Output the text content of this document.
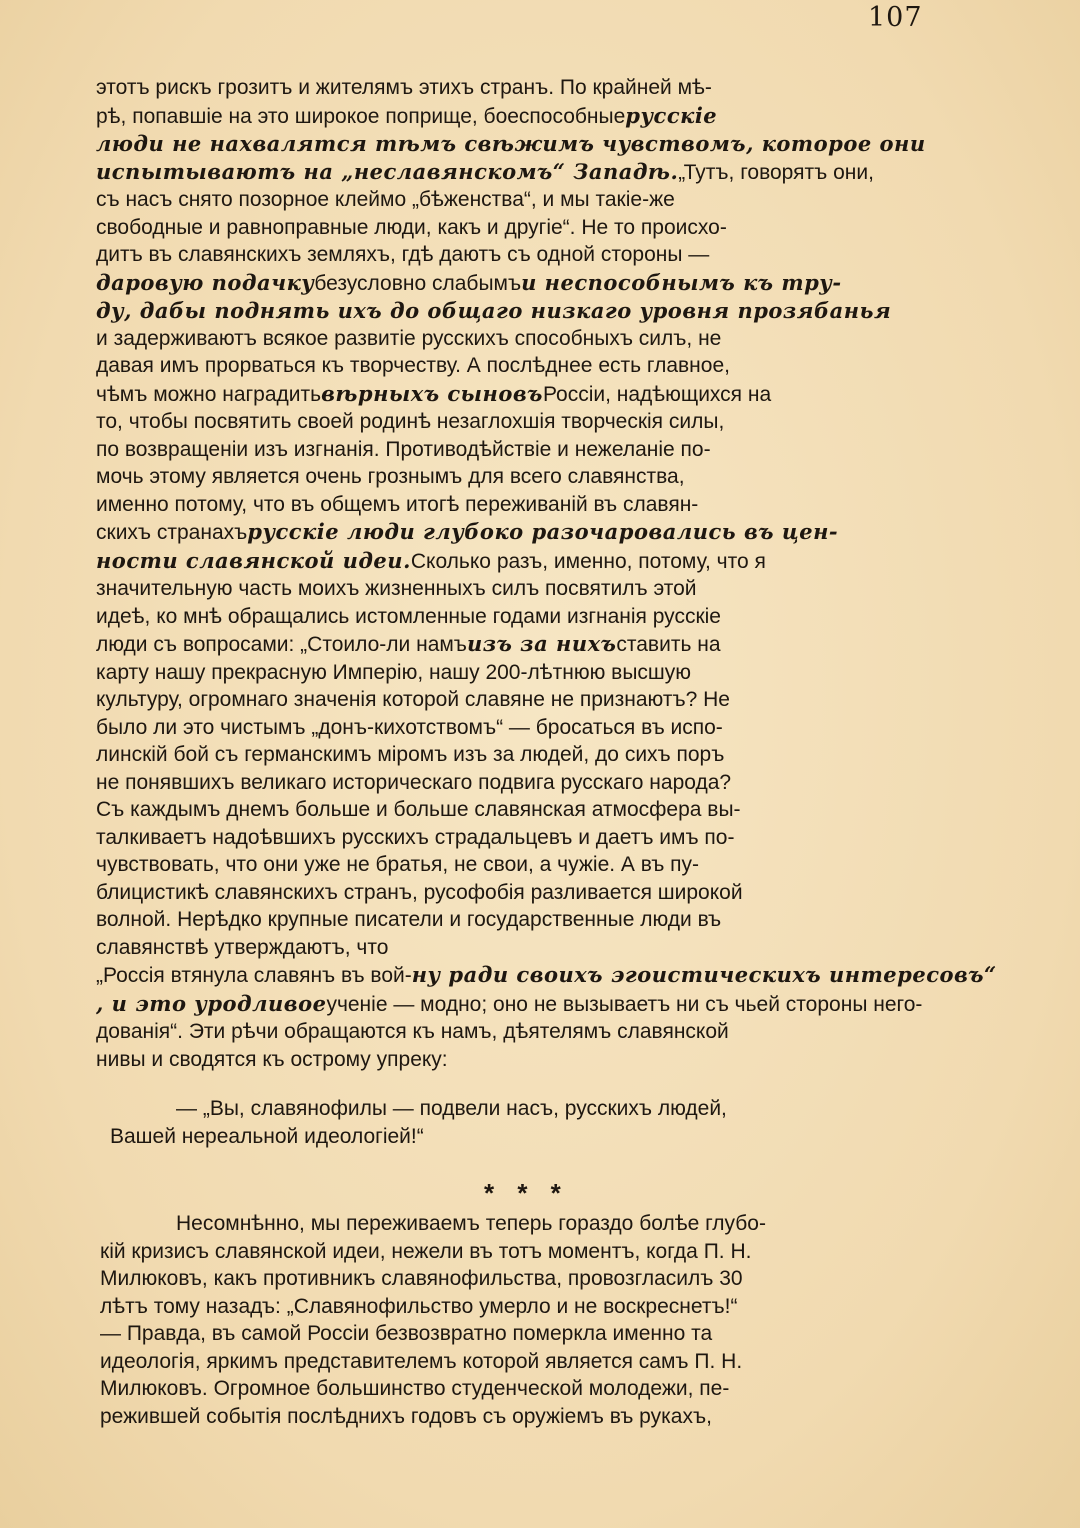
107
этотъ рискъ грозитъ и жителямъ этихъ странъ. По крайней мѣ-
рѣ, попавшіе на это широкое поприще, боеспособные русскіе
люди не нахвалятся тѣмъ свѣжимъ чувствомъ, которое они
испытываютъ на „неславянскомъ“ Западѣ. „Тутъ, говорятъ они,
съ насъ снято позорное клеймо „бѣженства“, и мы такіе-же
свободные и равноправные люди, какъ и другіе“. Не то происхо-
дитъ въ славянскихъ земляхъ, гдѣ даютъ съ одной стороны —
даровую подачку безусловно слабымъ и неспособнымъ къ тру-
ду, дабы поднять ихъ до общаго низкаго уровня прозябанья
и задерживаютъ всякое развитіе русскихъ способныхъ силъ, не
давая имъ прорваться къ творчеству. А послѣднее есть главное,
чѣмъ можно наградить вѣрныхъ сыновъ Россіи, надѣющихся на
то, чтобы посвятить своей родинѣ незаглохшія творческія силы,
по возвращеніи изъ изгнанія. Противодѣйствіе и нежеланіе по-
мочь этому является очень грознымъ для всего славянства,
именно потому, что въ общемъ итогѣ переживаній въ славян-
скихъ странахъ русскіе люди глубоко разочаровались въ цен-
ности славянской идеи. Сколько разъ, именно, потому, что я
значительную часть моихъ жизненныхъ силъ посвятилъ этой
идеѣ, ко мнѣ обращались истомленные годами изгнанія русскіе
люди съ вопросами: „Стоило-ли намъ изъ за нихъ ставить на
карту нашу прекрасную Имперію, нашу 200-лѣтнюю высшую
культуру, огромнаго значенія которой славяне не признаютъ? Не
было ли это чистымъ „донъ-кихотствомъ“ — бросаться въ испо-
линскій бой съ германскимъ міромъ изъ за людей, до сихъ поръ
не понявшихъ великаго историческаго подвига русскаго народа?
Съ каждымъ днемъ больше и больше славянская атмосфера вы-
талкиваетъ надоѣвшихъ русскихъ страдальцевъ и даетъ имъ по-
чувствовать, что они уже не братья, не свои, а чужіе. А въ пу-
блицистикѣ славянскихъ странъ, русофобія разливается широкой
волной. Нерѣдко крупные писатели и государственные люди въ
славянствѣ утверждаютъ, что
„Россія втянула славянъ въ вой- ну ради своихъ эгоистическихъ интересовъ“
, и это уродливое ученіе — модно; оно не вызываетъ ни съ чьей стороны него-
дованія“. Эти рѣчи обращаются къ намъ, дѣятелямъ славянской
нивы и сводятся къ острому упреку:
— „Вы, славянофилы — подвели насъ, русскихъ людей,
Вашей нереальной идеологіей!“
* * *
Несомнѣнно, мы переживаемъ теперь гораздо болѣе глубо-
кій кризисъ славянской идеи, нежели въ тотъ моментъ, когда П. Н.
Милюковъ, какъ противникъ славянофильства, провозгласилъ 30
лѣтъ тому назадъ: „Славянофильство умерло и не воскреснетъ!“
— Правда, въ самой Россіи безвозвратно померкла именно та
идеологія, яркимъ представителемъ которой является самъ П. Н.
Милюковъ. Огромное большинство студенческой молодежи, пе-
режившей событія послѣднихъ годовъ съ оружіемъ въ рукахъ,
